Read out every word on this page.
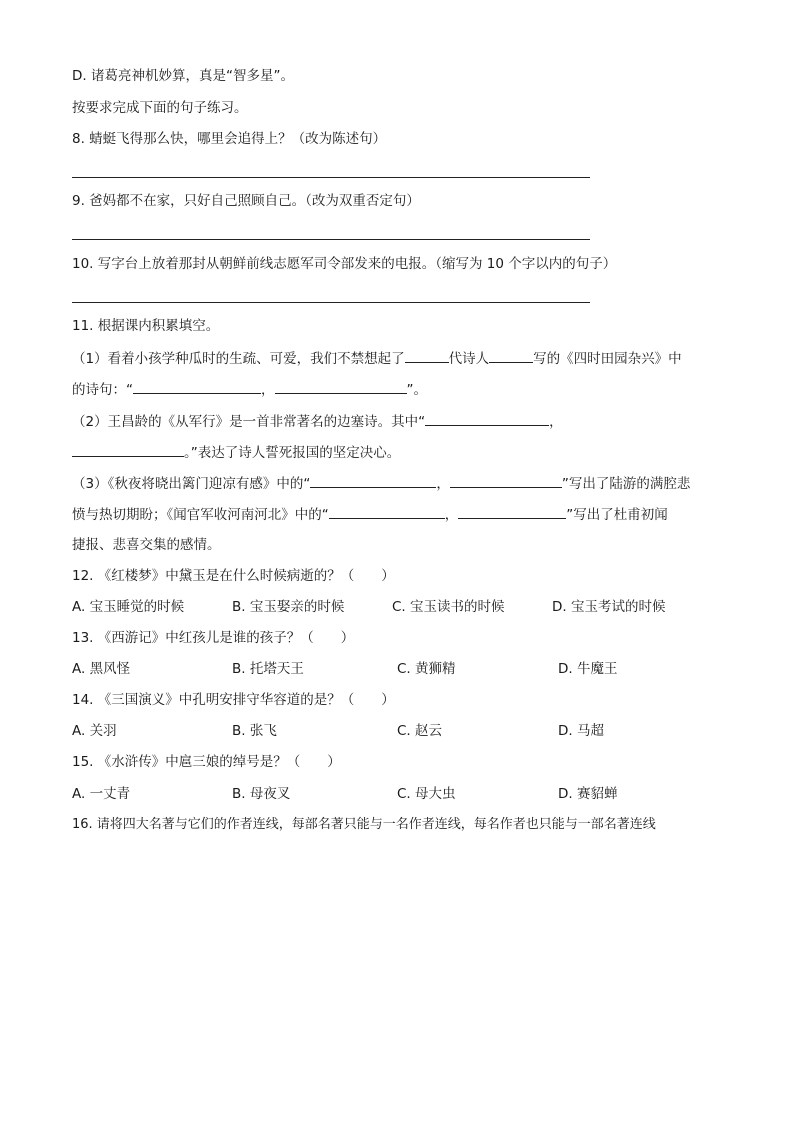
D. 诸葛亮神机妙算，真是“智多星”。
按要求完成下面的句子练习。
8. 蜻蜓飞得那么快，哪里会追得上？（改为陈述句）
9. 爸妈都不在家，只好自己照顾自己。（改为双重否定句）
10. 写字台上放着那封从朝鲜前线志愿军司令部发来的电报。（缩写为 10 个字以内的句子）
11. 根据课内积累填空。
（1）看着小孩学种瓜时的生疏、可爱，我们不禁想起了	代诗人	写的《四时田园杂兴》中
的诗句：“	，	”。
（2）王昌龄的《从军行》是一首非常著名的边塞诗。其中“	，
。”表达了诗人誓死报国的坚定决心。
（3）《秋夜将晓出篱门迎凉有感》中的“	，	”写出了陆游的满腔悲
愤与热切期盼；《闻官军收河南河北》中的“	，	”写出了杜甫初闻
捷报、悲喜交集的感情。
12. 《红楼梦》中黛玉是在什么时候病逝的？（　　）
A. 宝玉睡觉的时候	B. 宝玉娶亲的时候	C. 宝玉读书的时候	D. 宝玉考试的时候
13. 《西游记》中红孩儿是谁的孩子？（　　）
A. 黑风怪	B. 托塔天王	C. 黄狮精	D. 牛魔王
14. 《三国演义》中孔明安排守华容道的是？（　　）
A. 关羽	B. 张飞	C. 赵云	D. 马超
15. 《水浒传》中扈三娘的绰号是？（　　）
A. 一丈青	B. 母夜叉	C. 母大虫	D. 赛貂蝉
16. 请将四大名著与它们的作者连线，每部名著只能与一名作者连线，每名作者也只能与一部名著连线
